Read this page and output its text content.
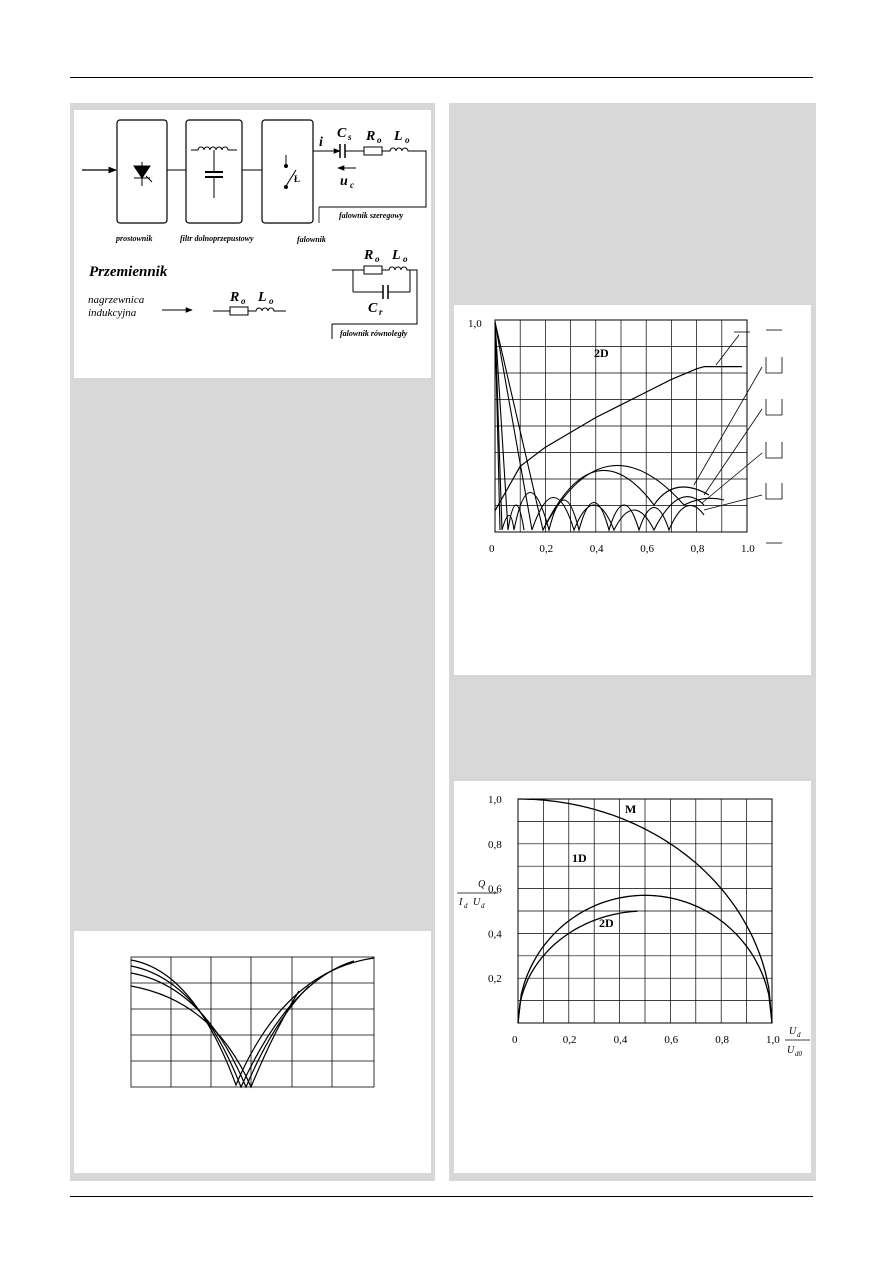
Ł
i
C s R o L o
u c
falownik szeregowy
prostownik	filtr dolnoprzepustowy	falownik
Przemiennik
nagrzewnica
indukcyjna
R o L o
R o L o
C r
falownik równoległy
2D
1,0
0	0,2	0,4	0,6	0,8	1.0
M
1D
2D
1,0
0,8
0,6
0,4
0,2
0	0,2	0,4	0,6	0,8	1,0
Q
I d U d
U d
U d0
